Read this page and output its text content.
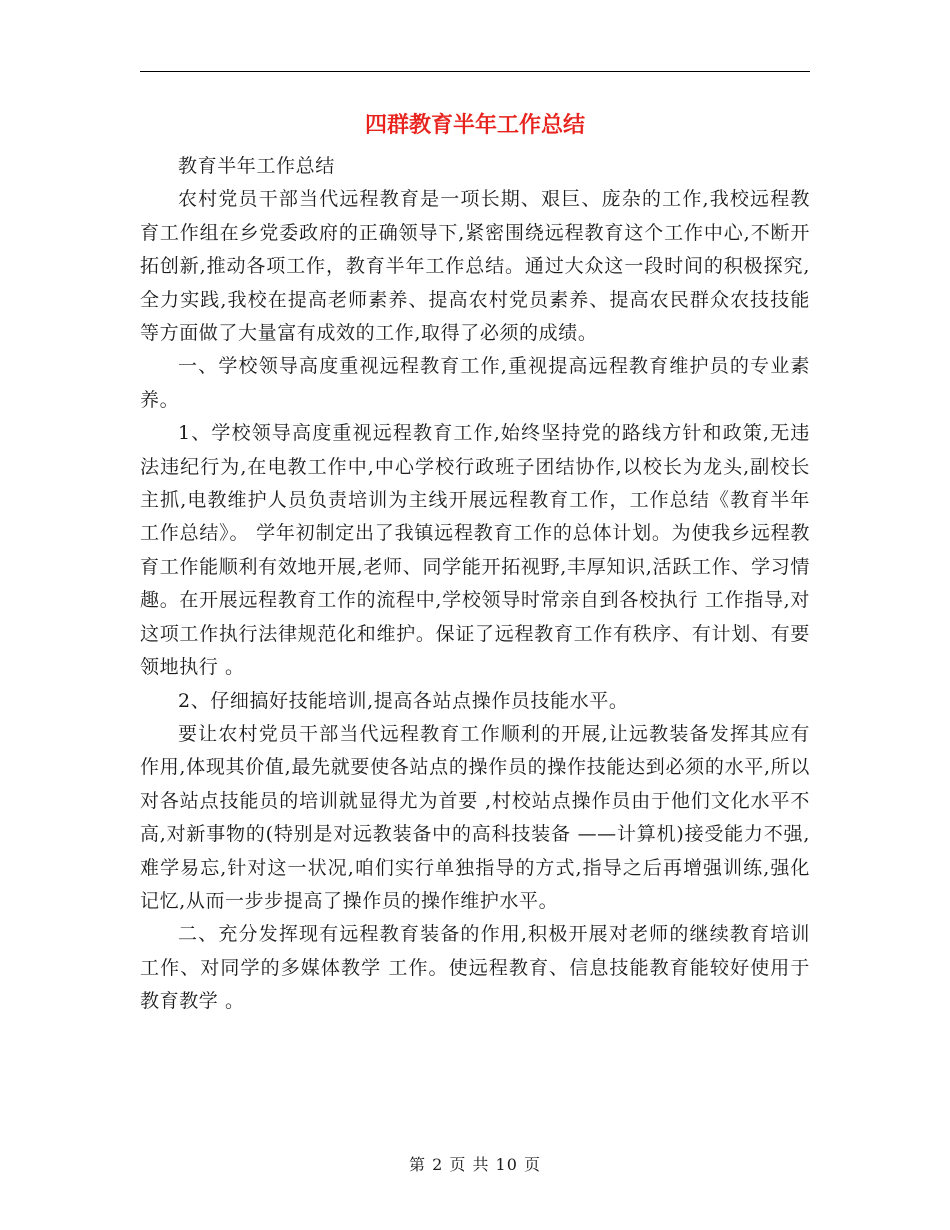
四群教育半年工作总结

教育半年工作总结

农村党员干部当代远程教育是一项长期、艰巨、庞杂的工作,我校远程教育工作组在乡党委政府的正确领导下,紧密围绕远程教育这个工作中心,不断开拓创新,推动各项工作，教育半年工作总结。通过大众这一段时间的积极探究,全力实践,我校在提高老师素养、提高农村党员素养、提高农民群众农技技能等方面做了大量富有成效的工作,取得了必须的成绩。

一、学校领导高度重视远程教育工作,重视提高远程教育维护员的专业素养。

1、学校领导高度重视远程教育工作,始终坚持党的路线方针和政策,无违法违纪行为,在电教工作中,中心学校行政班子团结协作,以校长为龙头,副校长主抓,电教维护人员负责培训为主线开展远程教育工作，工作总结《教育半年工作总结》。 学年初制定出了我镇远程教育工作的总体计划。为使我乡远程教育工作能顺利有效地开展,老师、同学能开拓视野,丰厚知识,活跃工作、学习情趣。在开展远程教育工作的流程中,学校领导时常亲自到各校执行 工作指导,对这项工作执行法律规范化和维护。保证了远程教育工作有秩序、有计划、有要领地执行 。

2、仔细搞好技能培训,提高各站点操作员技能水平。

要让农村党员干部当代远程教育工作顺利的开展,让远教装备发挥其应有作用,体现其价值,最先就要使各站点的操作员的操作技能达到必须的水平,所以对各站点技能员的培训就显得尤为首要 ,村校站点操作员由于他们文化水平不高,对新事物的(特别是对远教装备中的高科技装备 ——计算机)接受能力不强,难学易忘,针对这一状况,咱们实行单独指导的方式,指导之后再增强训练,强化记忆,从而一步步提高了操作员的操作维护水平。

二、充分发挥现有远程教育装备的作用,积极开展对老师的继续教育培训工作、对同学的多媒体教学 工作。使远程教育、信息技能教育能较好使用于教育教学 。

第 2 页 共 10 页
